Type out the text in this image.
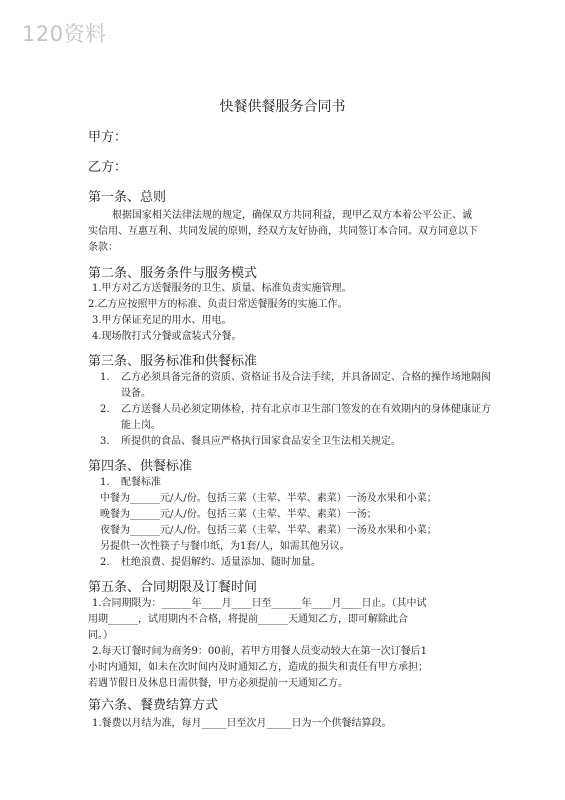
120资料
快餐供餐服务合同书
甲方：
乙方：
第一条、总则
根据国家相关法律法规的规定，确保双方共同利益，现甲乙双方本着公平公正、诚实信用、互惠互利、共同发展的原则，经双方友好协商，共同签订本合同。双方同意以下条款：
第二条、服务条件与服务模式
1.甲方对乙方送餐服务的卫生、质量、标准负责实施管理。
2.乙方应按照甲方的标准、负责日常送餐服务的实施工作。
3.甲方保证充足的用水、用电。
4.现场散打式分餐或盒装式分餐。
第三条、服务标准和供餐标准
1. 乙方必须具备完备的资质、资格证书及合法手续，并具备固定、合格的操作场地隔阂设备。
2. 乙方送餐人员必须定期体检，持有北京市卫生部门签发的在有效期内的身体健康证方能上岗。
3. 所提供的食品、餐具应严格执行国家食品安全卫生法相关规定。
第四条、供餐标准
1. 配餐标准
中餐为______元/人/份。包括三菜（主荤、半荤、素菜）一汤及水果和小菜；
晚餐为______元/人/份。包括三菜（主荤、半荤、素菜）一汤；
夜餐为______元/人/份。包括三菜（主荤、半荤、素菜）一汤及水果和小菜；
另提供一次性筷子与餐巾纸，为1套/人，如需其他另议。
2. 杜绝浪费、提倡解约、适量添加、随时加量。
第五条、合同期限及订餐时间
1.合同期限为：______年____月____日至______年____月____日止。（其中试
用期______，试用期内不合格，将提前______天通知乙方，即可解除此合
同。）
2.每天订餐时间为商务9：00前，若甲方用餐人员变动较大在第一次订餐后1
小时内通知，如未在次时间内及时通知乙方，造成的损失和责任有甲方承担；
若遇节假日及休息日需供餐，甲方必须提前一天通知乙方。
第六条、餐费结算方式
1.餐费以月结为准，每月_____日至次月_____日为一个供餐结算段。
